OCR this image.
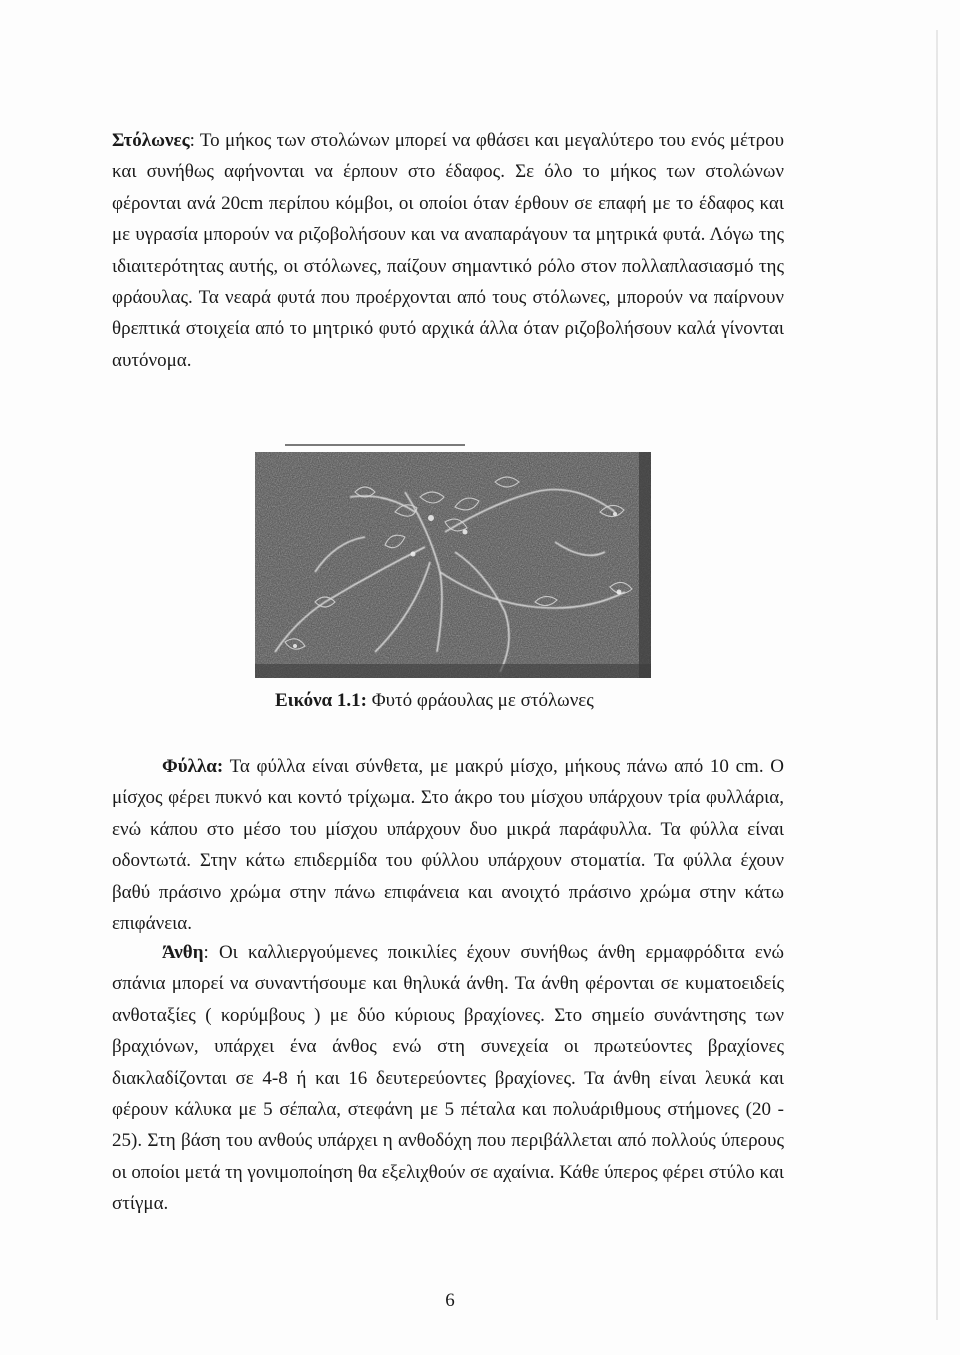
Στόλωνες: Το μήκος των στολώνων μπορεί να φθάσει και μεγαλύτερο του ενός μέτρου και συνήθως αφήνονται να έρπουν στο έδαφος. Σε όλο το μήκος των στολώνων φέρονται ανά 20cm περίπου κόμβοι, οι οποίοι όταν έρθουν σε επαφή με το έδαφος και με υγρασία μπορούν να ριζοβολήσουν και να αναπαράγουν τα μητρικά φυτά. Λόγω της ιδιαιτερότητας αυτής, οι στόλωνες, παίζουν σημαντικό ρόλο στον πολλαπλασιασμό της φράουλας. Τα νεαρά φυτά που προέρχονται από τους στόλωνες, μπορούν να παίρνουν θρεπτικά στοιχεία από το μητρικό φυτό αρχικά άλλα όταν ριζοβολήσουν καλά γίνονται αυτόνομα.

Εικόνα 1.1: Φυτό φράουλας με στόλωνες

Φύλλα: Τα φύλλα είναι σύνθετα, με μακρύ μίσχο, μήκους πάνω από 10 cm. Ο μίσχος φέρει πυκνό και κοντό τρίχωμα. Στο άκρο του μίσχου υπάρχουν τρία φυλλάρια, ενώ κάπου στο μέσο του μίσχου υπάρχουν δυο μικρά παράφυλλα. Τα φύλλα είναι οδοντωτά. Στην κάτω επιδερμίδα του φύλλου υπάρχουν στοματία. Τα φύλλα έχουν βαθύ πράσινο χρώμα στην πάνω επιφάνεια και ανοιχτό πράσινο χρώμα στην κάτω επιφάνεια.

Άνθη: Οι καλλιεργούμενες ποικιλίες έχουν συνήθως άνθη ερμαφρόδιτα ενώ σπάνια μπορεί να συναντήσουμε και θηλυκά άνθη. Τα άνθη φέρονται σε κυματοειδείς ανθοταξίες ( κορύμβους ) με δύο κύριους βραχίονες. Στο σημείο συνάντησης των βραχιόνων, υπάρχει ένα άνθος ενώ στη συνεχεία οι πρωτεύοντες βραχίονες διακλαδίζονται σε 4-8 ή και 16 δευτερεύοντες βραχίονες. Τα άνθη είναι λευκά και φέρουν κάλυκα με 5 σέπαλα, στεφάνη με 5 πέταλα και πολυάριθμους στήμονες (20 - 25). Στη βάση του ανθούς υπάρχει η ανθοδόχη που περιβάλλεται από πολλούς ύπερους οι οποίοι μετά τη γονιμοποίηση θα εξελιχθούν σε αχαίνια. Κάθε ύπερος φέρει στύλο και στίγμα.

6
